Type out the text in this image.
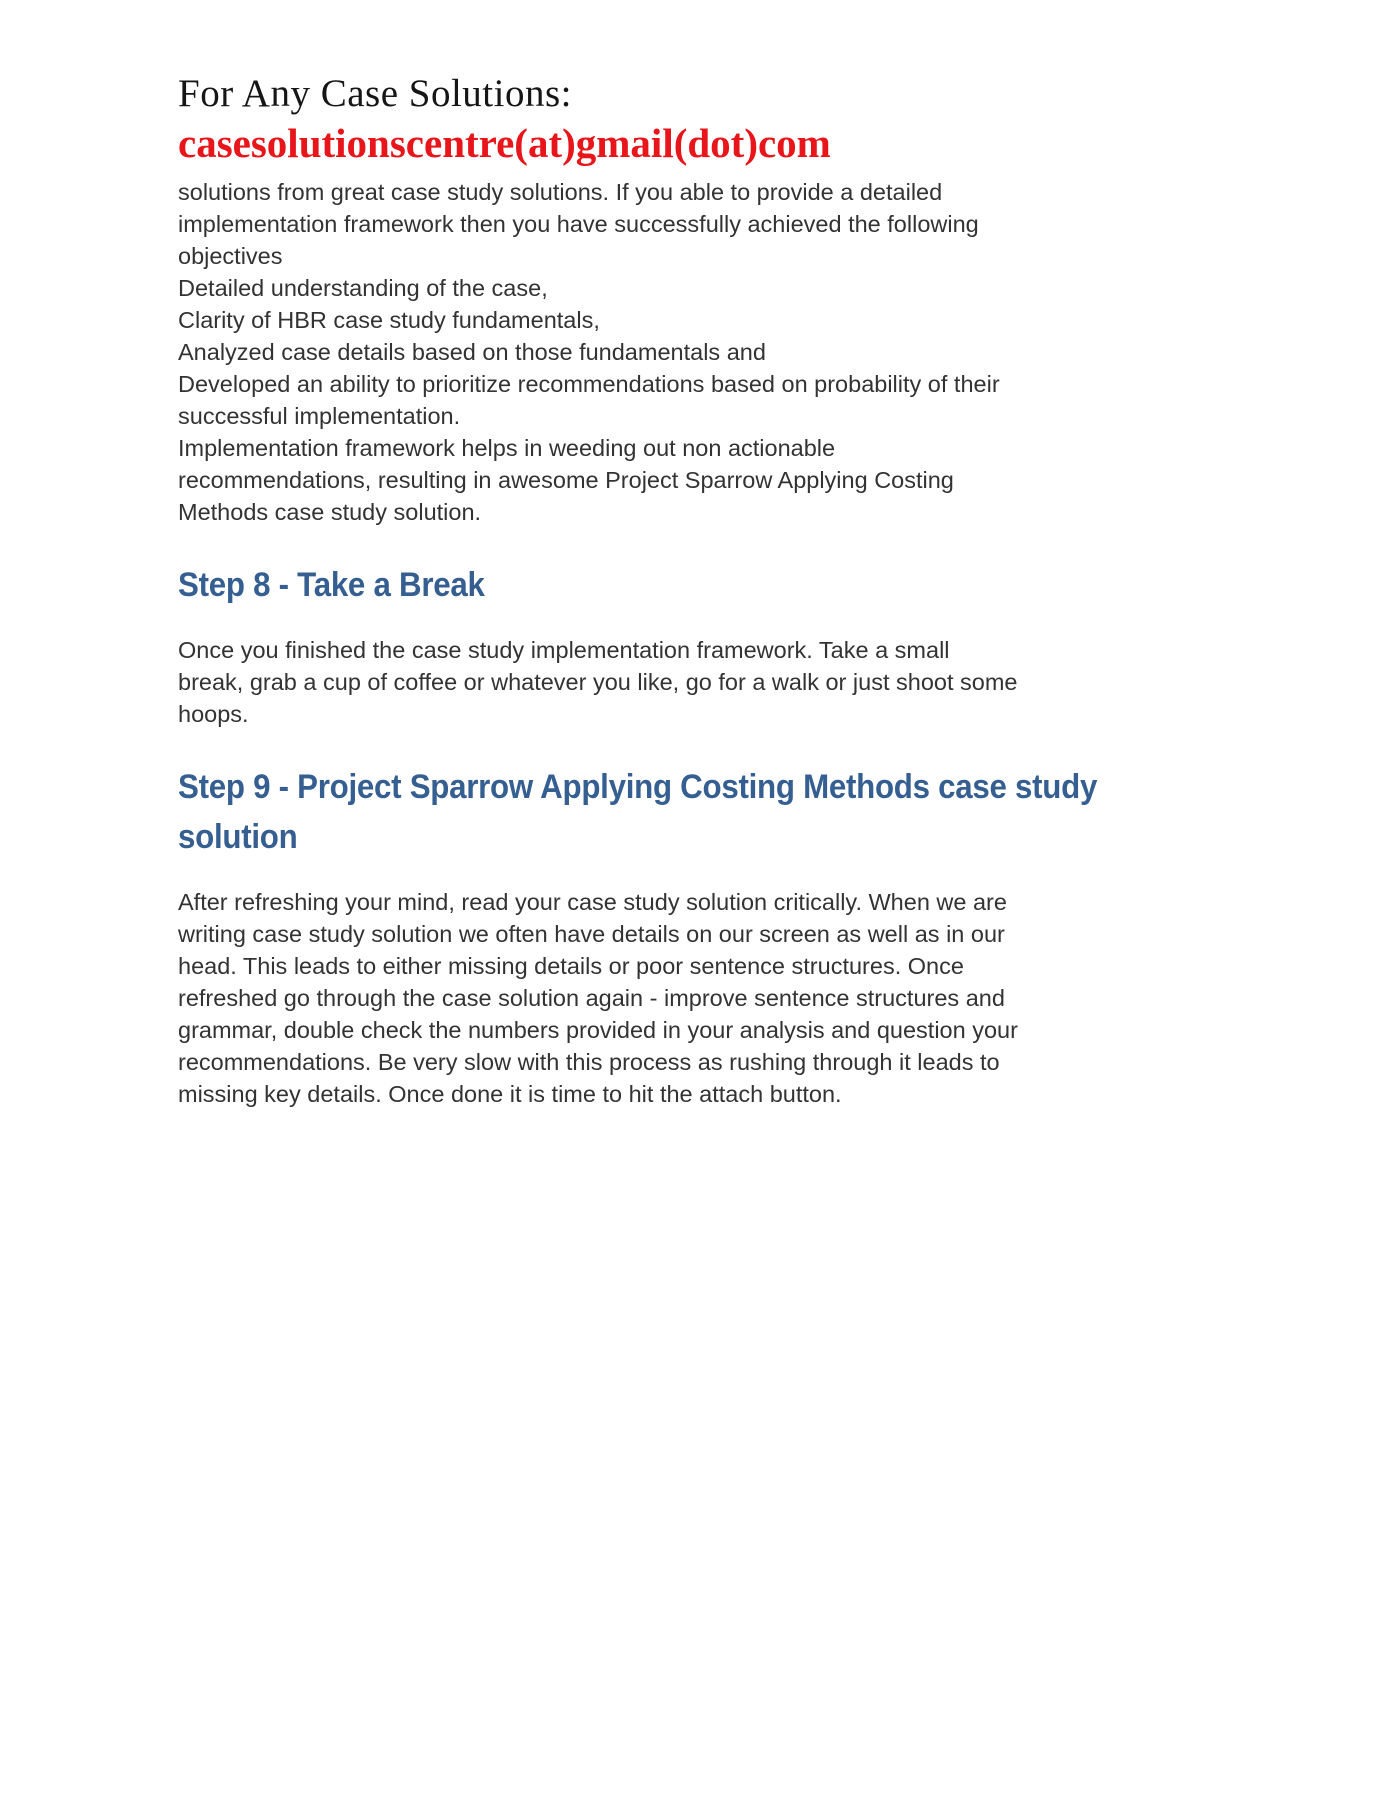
For Any Case Solutions:
casesolutionscentre(at)gmail(dot)com

solutions from great case study solutions. If you able to provide a detailed
implementation framework then you have successfully achieved the following
objectives
Detailed understanding of the case,
Clarity of HBR case study fundamentals,
Analyzed case details based on those fundamentals and
Developed an ability to prioritize recommendations based on probability of their
successful implementation.
Implementation framework helps in weeding out non actionable
recommendations, resulting in awesome Project Sparrow Applying Costing
Methods case study solution.

Step 8 - Take a Break

Once you finished the case study implementation framework. Take a small
break, grab a cup of coffee or whatever you like, go for a walk or just shoot some
hoops.

Step 9 - Project Sparrow Applying Costing Methods case study
solution

After refreshing your mind, read your case study solution critically. When we are
writing case study solution we often have details on our screen as well as in our
head. This leads to either missing details or poor sentence structures. Once
refreshed go through the case solution again - improve sentence structures and
grammar, double check the numbers provided in your analysis and question your
recommendations. Be very slow with this process as rushing through it leads to
missing key details. Once done it is time to hit the attach button.
